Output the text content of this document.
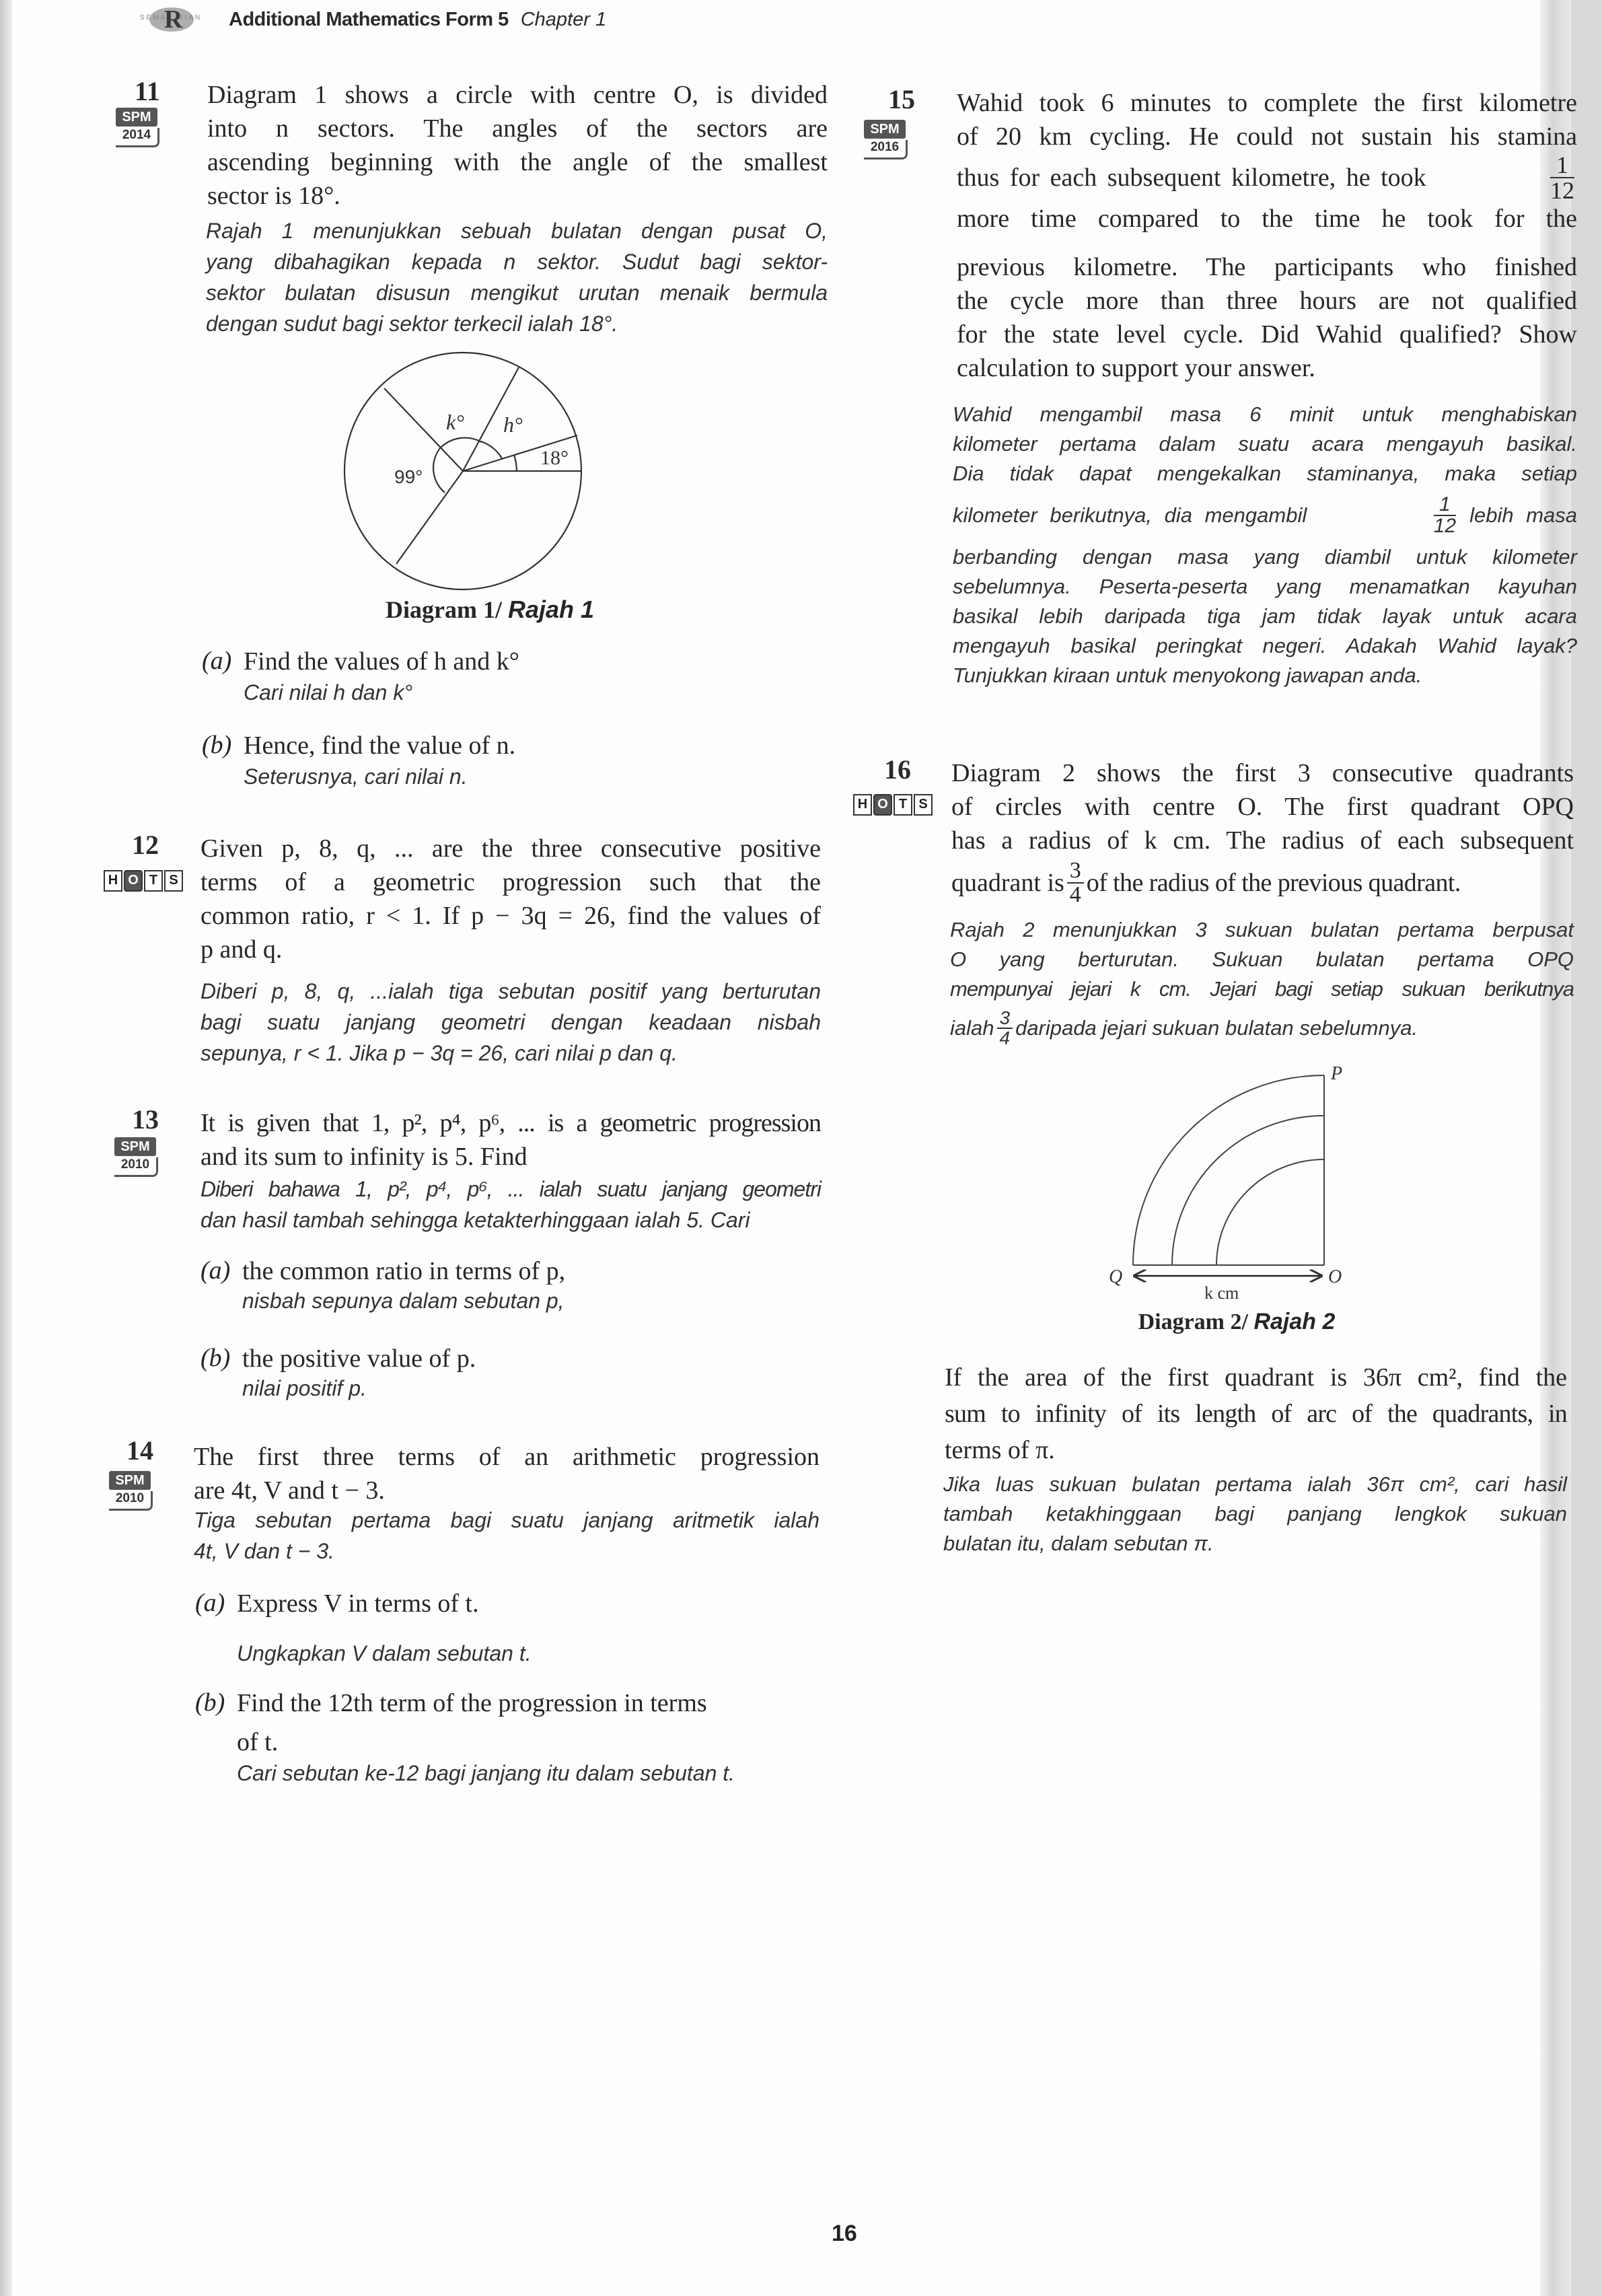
SEMAR RIAN
R Additional Mathematics Form 5 Chapter 1
11
SPM
2014
Diagram 1 shows a circle with centre O, is divided
into n sectors. The angles of the sectors are
ascending beginning with the angle of the smallest
sector is 18°.
Rajah 1 menunjukkan sebuah bulatan dengan pusat O,
yang dibahagikan kepada n sektor. Sudut bagi sektor-
sektor bulatan disusun mengikut urutan menaik bermula
dengan sudut bagi sektor terkecil ialah 18°.
k° h°
18°
99°
Diagram 1/ Rajah 1
(a) Find the values of h and k°
Cari nilai h dan k°
(b) Hence, find the value of n.
Seterusnya, cari nilai n.
12
H O T S
Given p, 8, q, ... are the three consecutive positive
terms of a geometric progression such that the
common ratio, r < 1. If p − 3q = 26, find the values of
p and q.
Diberi p, 8, q, ...ialah tiga sebutan positif yang berturutan
bagi suatu janjang geometri dengan keadaan nisbah
sepunya, r < 1. Jika p − 3q = 26, cari nilai p dan q.
13
SPM
2010
It is given that 1, p², p⁴, p⁶, ... is a geometric progression
and its sum to infinity is 5. Find
Diberi bahawa 1, p², p⁴, p⁶, ... ialah suatu janjang geometri
dan hasil tambah sehingga ketakterhinggaan ialah 5. Cari
(a) the common ratio in terms of p,
nisbah sepunya dalam sebutan p,
(b) the positive value of p.
nilai positif p.
14
SPM
2010
The first three terms of an arithmetic progression
are 4t, V and t − 3.
Tiga sebutan pertama bagi suatu janjang aritmetik ialah
4t, V dan t − 3.
(a) Express V in terms of t.
Ungkapkan V dalam sebutan t.
(b) Find the 12th term of the progression in terms
of t.
Cari sebutan ke-12 bagi janjang itu dalam sebutan t.
15
SPM
2016
Wahid took 6 minutes to complete the first kilometre
of 20 km cycling. He could not sustain his stamina
thus for each subsequent kilometre, he took	$\frac{1}{12}$
more time compared to the time he took for the
previous kilometre. The participants who finished
the cycle more than three hours are not qualified
for the state level cycle. Did Wahid qualified? Show
calculation to support your answer.
Wahid mengambil masa 6 minit untuk menghabiskan
kilometer pertama dalam suatu acara mengayuh basikal.
Dia tidak dapat mengekalkan staminanya, maka setiap
kilometer berikutnya, dia mengambil	$\frac{1}{12}$ lebih masa
berbanding dengan masa yang diambil untuk kilometer
sebelumnya. Peserta-peserta yang menamatkan kayuhan
basikal lebih daripada tiga jam tidak layak untuk acara
mengayuh basikal peringkat negeri. Adakah Wahid layak?
Tunjukkan kiraan untuk menyokong jawapan anda.
16
H O T S
Diagram 2 shows the first 3 consecutive quadrants
of circles with centre O. The first quadrant OPQ
has a radius of k cm. The radius of each subsequent
quadrant is $\frac{3}{4}$ of the radius of the previous quadrant.
Rajah 2 menunjukkan 3 sukuan bulatan pertama berpusat
O yang berturutan. Sukuan bulatan pertama OPQ
mempunyai jejari k cm. Jejari bagi setiap sukuan berikutnya
ialah $\frac{3}{4}$ daripada jejari sukuan bulatan sebelumnya.
P
Q	O
k cm
Diagram 2/ Rajah 2
If the area of the first quadrant is 36π cm², find the
sum to infinity of its length of arc of the quadrants, in
terms of π.
Jika luas sukuan bulatan pertama ialah 36π cm², cari hasil
tambah ketakhinggaan bagi panjang lengkok sukuan
bulatan itu, dalam sebutan π.
16
